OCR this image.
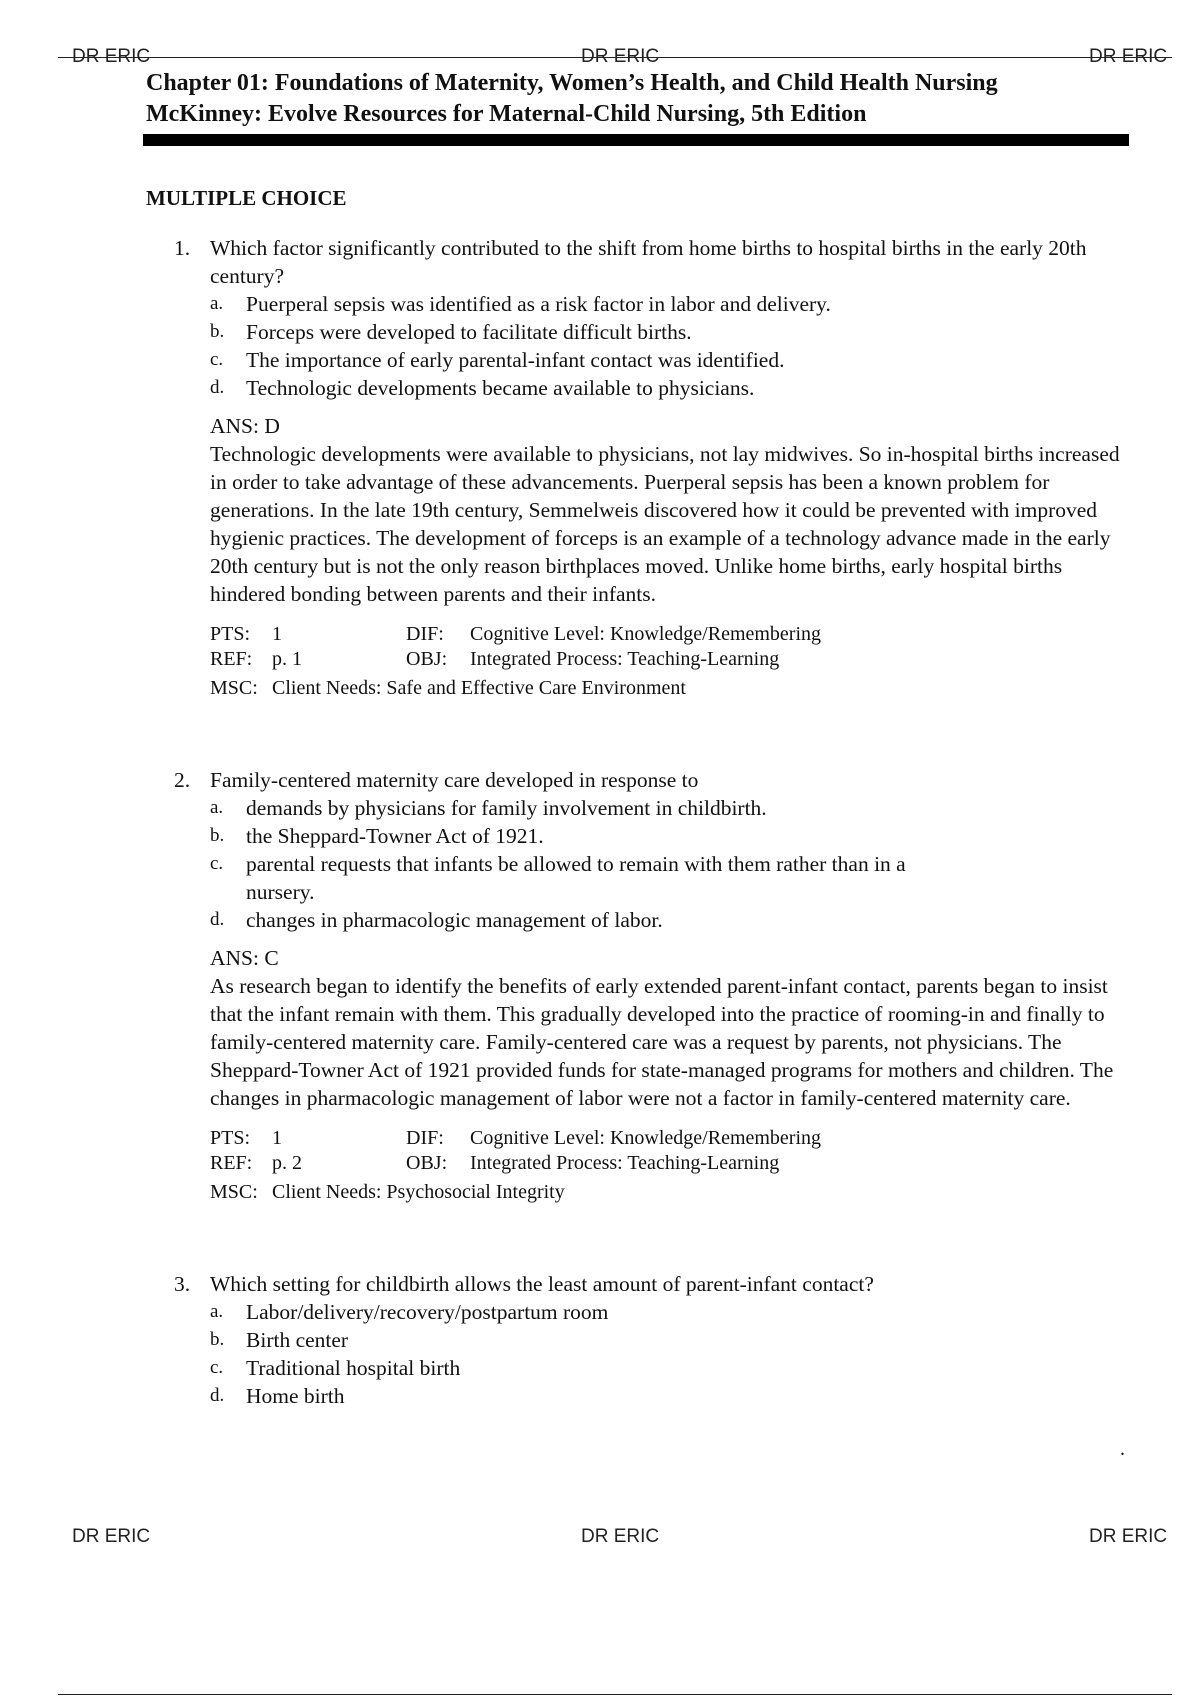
DR ERIC	DR ERIC	DR ERIC
Chapter 01: Foundations of Maternity, Women’s Health, and Child Health Nursing
McKinney: Evolve Resources for Maternal-Child Nursing, 5th Edition
MULTIPLE CHOICE
1. Which factor significantly contributed to the shift from home births to hospital births in the early 20th century?
a.	Puerperal sepsis was identified as a risk factor in labor and delivery.
b.	Forceps were developed to facilitate difficult births.
c.	The importance of early parental-infant contact was identified.
d.	Technologic developments became available to physicians.
ANS: D
Technologic developments were available to physicians, not lay midwives. So in-hospital births increased in order to take advantage of these advancements. Puerperal sepsis has been a known problem for generations. In the late 19th century, Semmelweis discovered how it could be prevented with improved hygienic practices. The development of forceps is an example of a technology advance made in the early 20th century but is not the only reason birthplaces moved. Unlike home births, early hospital births hindered bonding between parents and their infants.
PTS:	1	DIF:	Cognitive Level: Knowledge/Remembering
REF: p. 1	OBJ:	Integrated Process: Teaching-Learning
MSC: Client Needs: Safe and Effective Care Environment
2. Family-centered maternity care developed in response to
a.	demands by physicians for family involvement in childbirth.
b.	the Sheppard-Towner Act of 1921.
c.	parental requests that infants be allowed to remain with them rather than in a nursery.
d.	changes in pharmacologic management of labor.
ANS: C
As research began to identify the benefits of early extended parent-infant contact, parents began to insist that the infant remain with them. This gradually developed into the practice of rooming-in and finally to family-centered maternity care. Family-centered care was a request by parents, not physicians. The Sheppard-Towner Act of 1921 provided funds for state-managed programs for mothers and children. The changes in pharmacologic management of labor were not a factor in family-centered maternity care.
PTS:	1	DIF:	Cognitive Level: Knowledge/Remembering
REF: p. 2	OBJ:	Integrated Process: Teaching-Learning
MSC: Client Needs: Psychosocial Integrity
3. Which setting for childbirth allows the least amount of parent-infant contact?
a.	Labor/delivery/recovery/postpartum room
b.	Birth center
c.	Traditional hospital birth
d.	Home birth
.
DR ERIC	DR ERIC	DR ERIC
